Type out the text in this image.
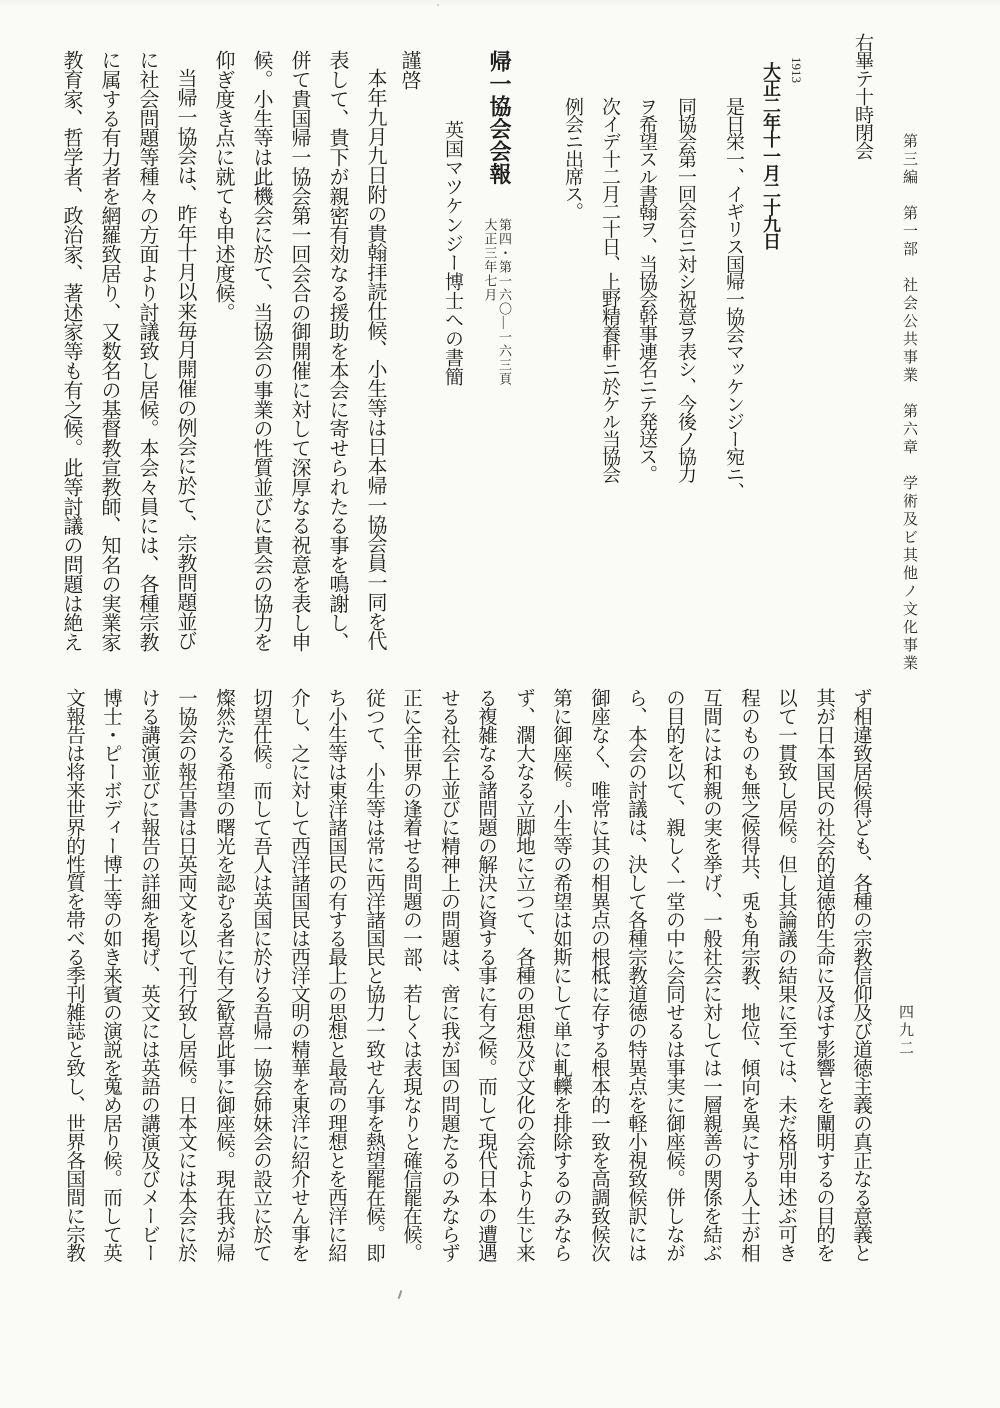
第三編　第一部　社会公共事業　第六章　学術及ビ其他ノ文化事業
四九二
右畢テ十時閉会
1913
大正二年十一月二十九日
是日栄一、イギリス国帰一協会マッケンジー宛ニ、
同協会第一回会合ニ対シ祝意ヲ表シ、今後ノ協力
ヲ希望スル書翰ヲ、当協会幹事連名ニテ発送ス。
次イデ十二月二十日、上野精養軒ニ於ケル当協会
例会ニ出席ス。
帰一協会会報
第四・第一六〇—一六三頁
大正三年七月
英国マツケンジー博士への書簡
謹啓
本年九月九日附の貴翰拝読仕候、小生等は日本帰一協会員一同を代
表して、貴下が親密有効なる援助を本会に寄せられたる事を鳴謝し、
併て貴国帰一協会第一回会合の御開催に対して深厚なる祝意を表し申
候。小生等は此機会に於て、当協会の事業の性質並びに貴会の協力を
仰ぎ度き点に就ても申述度候。
当帰一協会は、昨年十月以来毎月開催の例会に於て、宗教問題並び
に社会問題等種々の方面より討議致し居候。本会々員には、各種宗教
に属する有力者を網羅致居り、又数名の基督教宣教師、知名の実業家
教育家、哲学者、政治家、著述家等も有之候。此等討議の問題は絶え
ず相違致居候得ども、各種の宗教信仰及び道徳主義の真正なる意義と
其が日本国民の社会的道徳的生命に及ぼす影響とを闡明するの目的を
以て一貫致し居候。但し其論議の結果に至ては、未だ格別申述ぶ可き
程のものも無之候得共、兎も角宗教、地位、傾向を異にする人士が相
互間には和親の実を挙げ、一般社会に対しては一層親善の関係を結ぶ
の目的を以て、親しく一堂の中に会同せるは事実に御座候。併しなが
ら、本会の討議は、決して各種宗教道徳の特異点を軽小視致候訳には
御座なく、唯常に其の相異点の根柢に存する根本的一致を高調致候次
第に御座候。小生等の希望は如斯にして単に軋轢を排除するのみなら
ず、濶大なる立脚地に立つて、各種の思想及び文化の会流より生じ来
る複雑なる諸問題の解決に資する事に有之候。而して現代日本の遭遇
せる社会上並びに精神上の問題は、啻に我が国の問題たるのみならず
正に全世界の逢着せる問題の一部、若しくは表現なりと確信罷在候。
従つて、小生等は常に西洋諸国民と協力一致せん事を熱望罷在候。即
ち小生等は東洋諸国民の有する最上の思想と最高の理想とを西洋に紹
介し、之に対して西洋諸国民は西洋文明の精華を東洋に紹介せん事を
切望仕候。而して吾人は英国に於ける吾帰一協会姉妹会の設立に於て
燦然たる希望の曙光を認むる者に有之歓喜此事に御座候。現在我が帰
一協会の報告書は日英両文を以て刊行致し居候。日本文には本会に於
ける講演並びに報告の詳細を掲げ、英文には英語の講演及びメービー
博士・ピーボディー博士等の如き来賓の演説を蒐め居り候。而して英
文報告は将来世界的性質を帯べる季刊雑誌と致し、世界各国間に宗教
